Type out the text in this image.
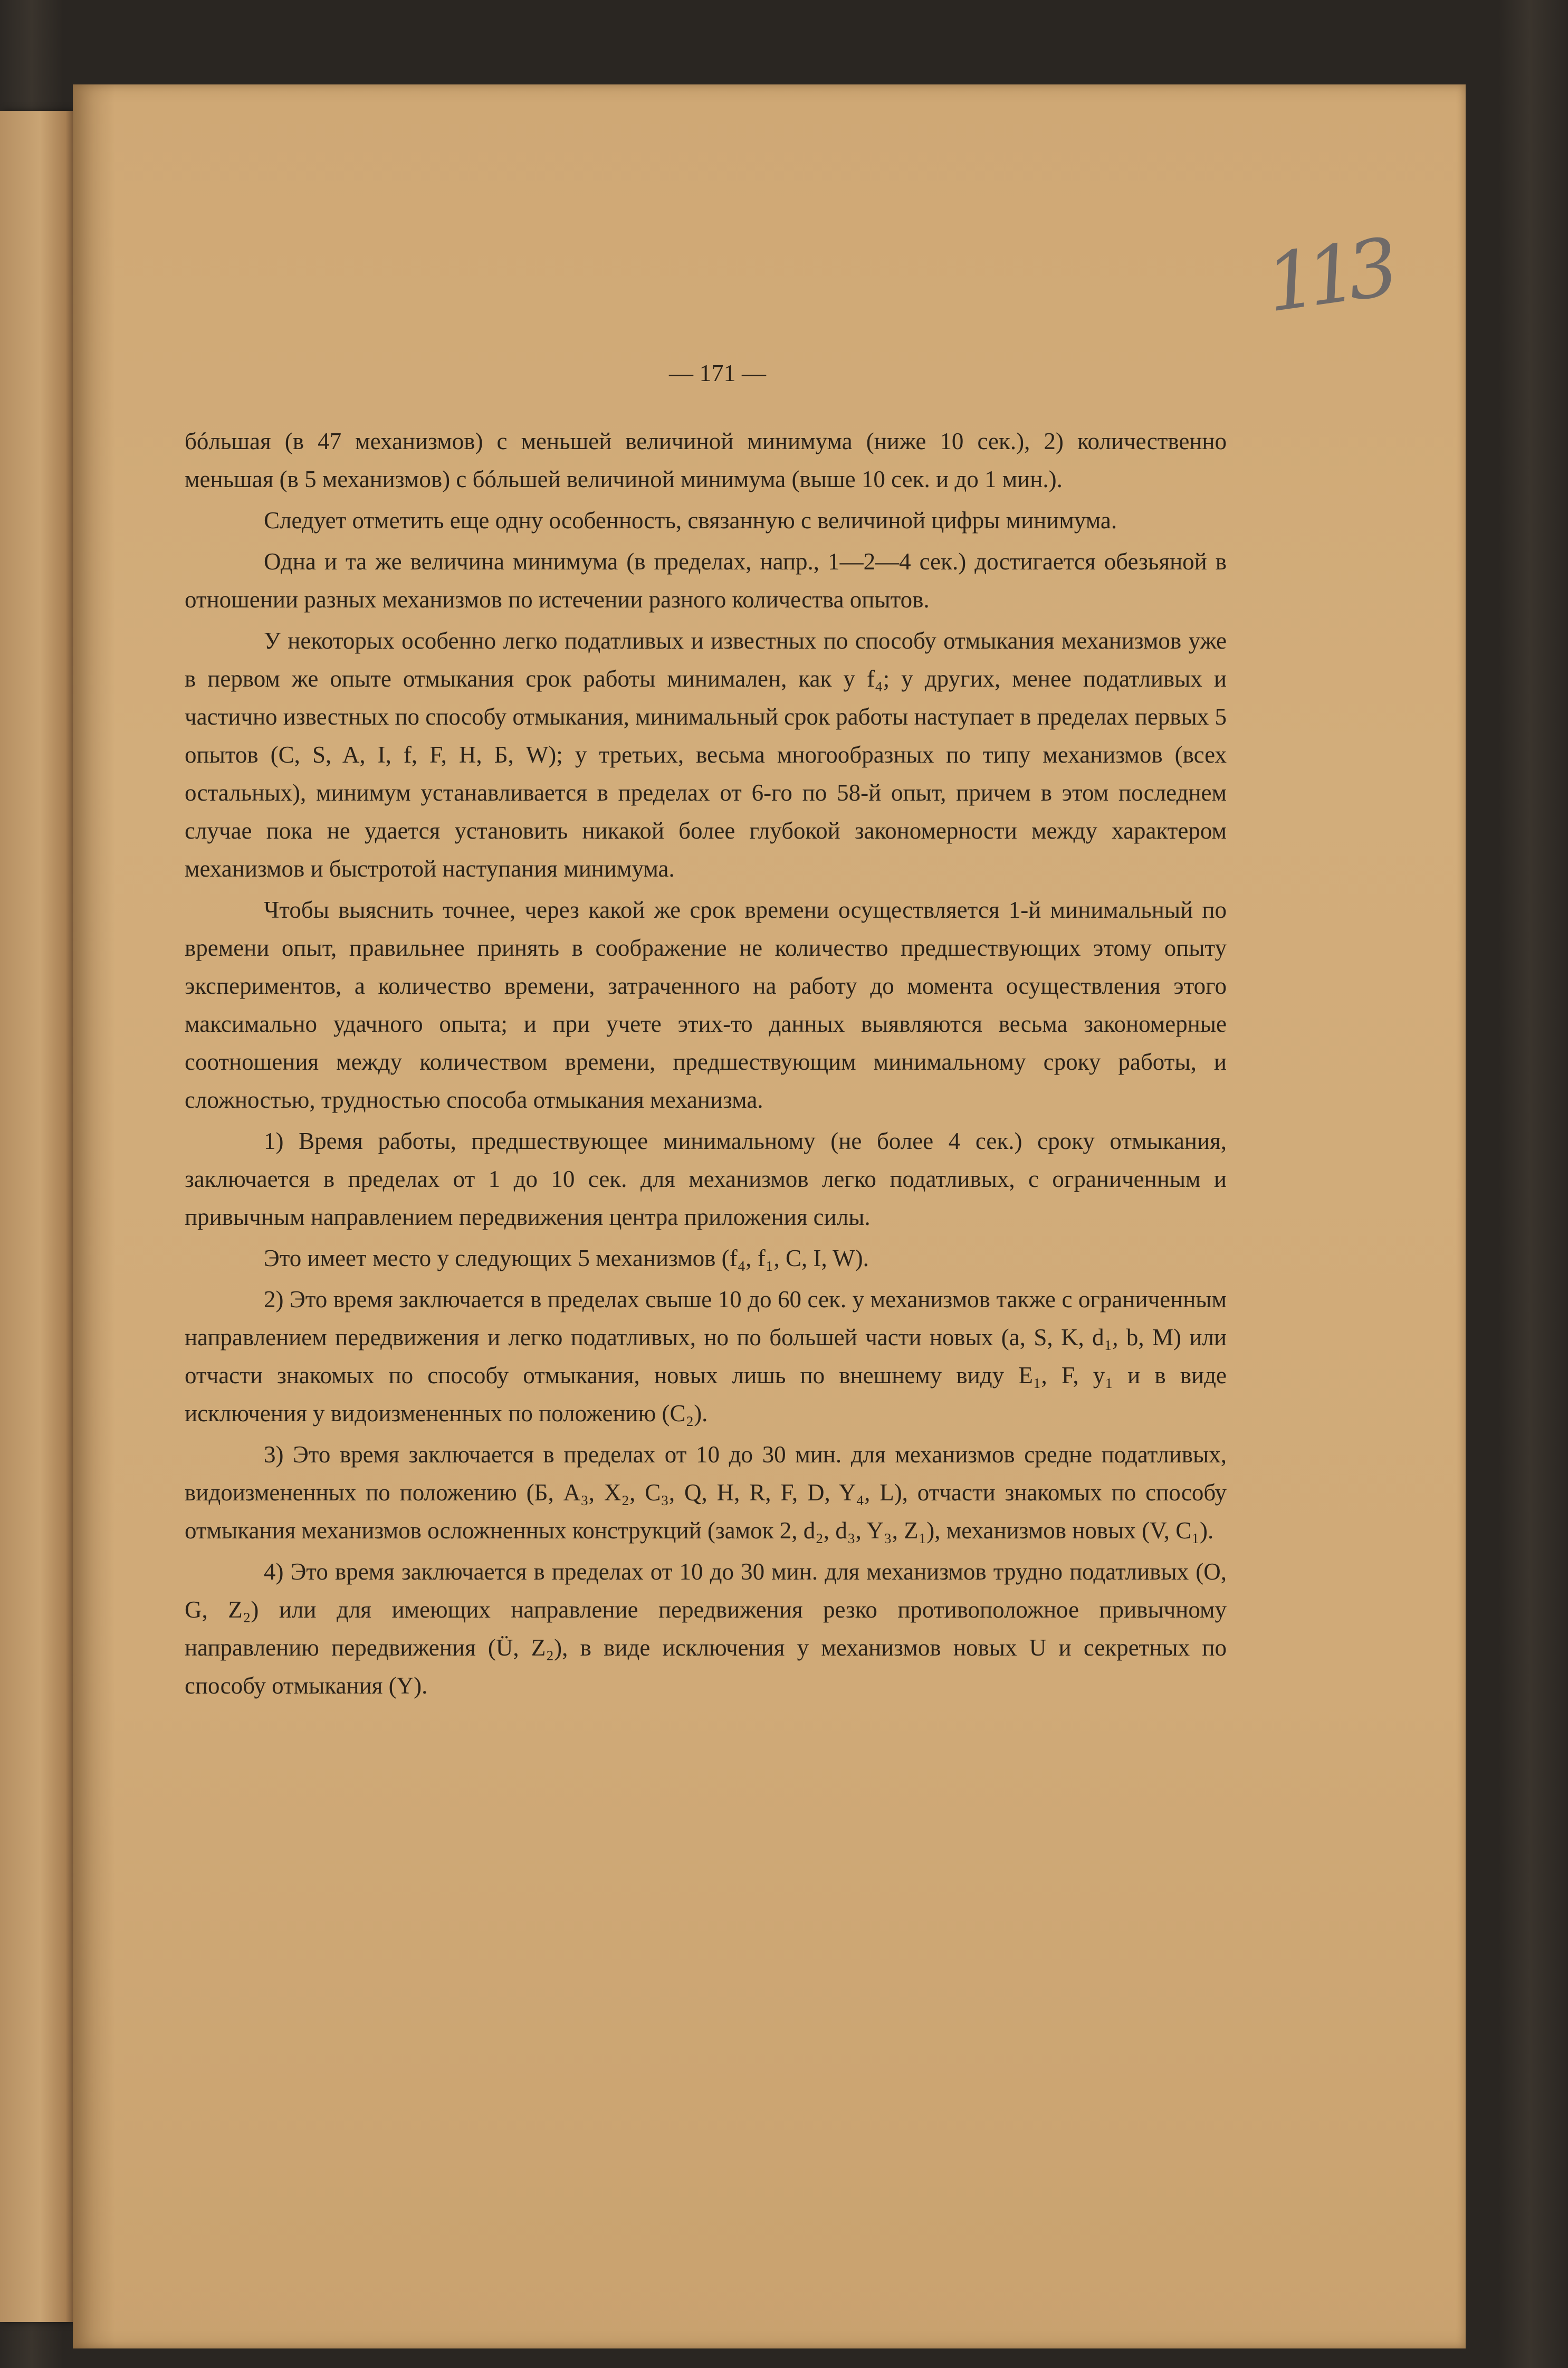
113
— 171 —

бóльшая (в 47 механизмов) с меньшей величиной минимума (ниже 10 сек.), 2) количественно меньшая (в 5 механизмов) с бóльшей величиной минимума (выше 10 сек. и до 1 мин.).

Следует отметить еще одну особенность, связанную с величиной цифры минимума.

Одна и та же величина минимума (в пределах, напр., 1—2—4 сек.) достигается обезьяной в отношении разных механизмов по истечении разного количества опытов.

У некоторых особенно легко податливых и известных по способу отмыкания механизмов уже в первом же опыте отмыкания срок работы минимален, как у f₄; у других, менее податливых и частично известных по способу отмыкания, минимальный срок работы наступает в пределах первых 5 опытов (C, S, A, I, f, F, H, Б, W); у третьих, весьма многообразных по типу механизмов (всех остальных), минимум устанавливается в пределах от 6-го по 58-й опыт, причем в этом последнем случае пока не удается установить никакой более глубокой закономерности между характером механизмов и быстротой наступания минимума.

Чтобы выяснить точнее, через какой же срок времени осуществляется 1-й минимальный по времени опыт, правильнее принять в соображение не количество предшествующих этому опыту экспериментов, а количество времени, затраченного на работу до момента осуществления этого максимально удачного опыта; и при учете этих-то данных выявляются весьма закономерные соотношения между количеством времени, предшествующим минимальному сроку работы, и сложностью, трудностью способа отмыкания механизма.

1) Время работы, предшествующее минимальному (не более 4 сек.) сроку отмыкания, заключается в пределах от 1 до 10 сек. для механизмов легко податливых, с ограниченным и привычным направлением передвижения центра приложения силы.

Это имеет место у следующих 5 механизмов (f₄, f₁, C, I, W).

2) Это время заключается в пределах свыше 10 до 60 сек. у механизмов также с ограниченным направлением передвижения и легко податливых, но по большей части новых (a, S, K, d₁, b, M) или отчасти знакомых по способу отмыкания, новых лишь по внешнему виду E₁, F, y₁ и в виде исключения у видоизмененных по положению (C₂).

3) Это время заключается в пределах от 10 до 30 мин. для механизмов средне податливых, видоизмененных по положению (Б, A₃, X₂, C₃, Q, H, R, F, D, Y₄, L), отчасти знакомых по способу отмыкания механизмов осложненных конструкций (замок 2, d₂, d₃, Y₃, Z₁), механизмов новых (V, C₁).

4) Это время заключается в пределах от 10 до 30 мин. для механизмов трудно податливых (O, G, Z₂) или для имеющих направление передвижения резко противоположное привычному направлению передвижения (Ü, Z₂), в виде исключения у механизмов новых U и секретных по способу отмыкания (Y).
